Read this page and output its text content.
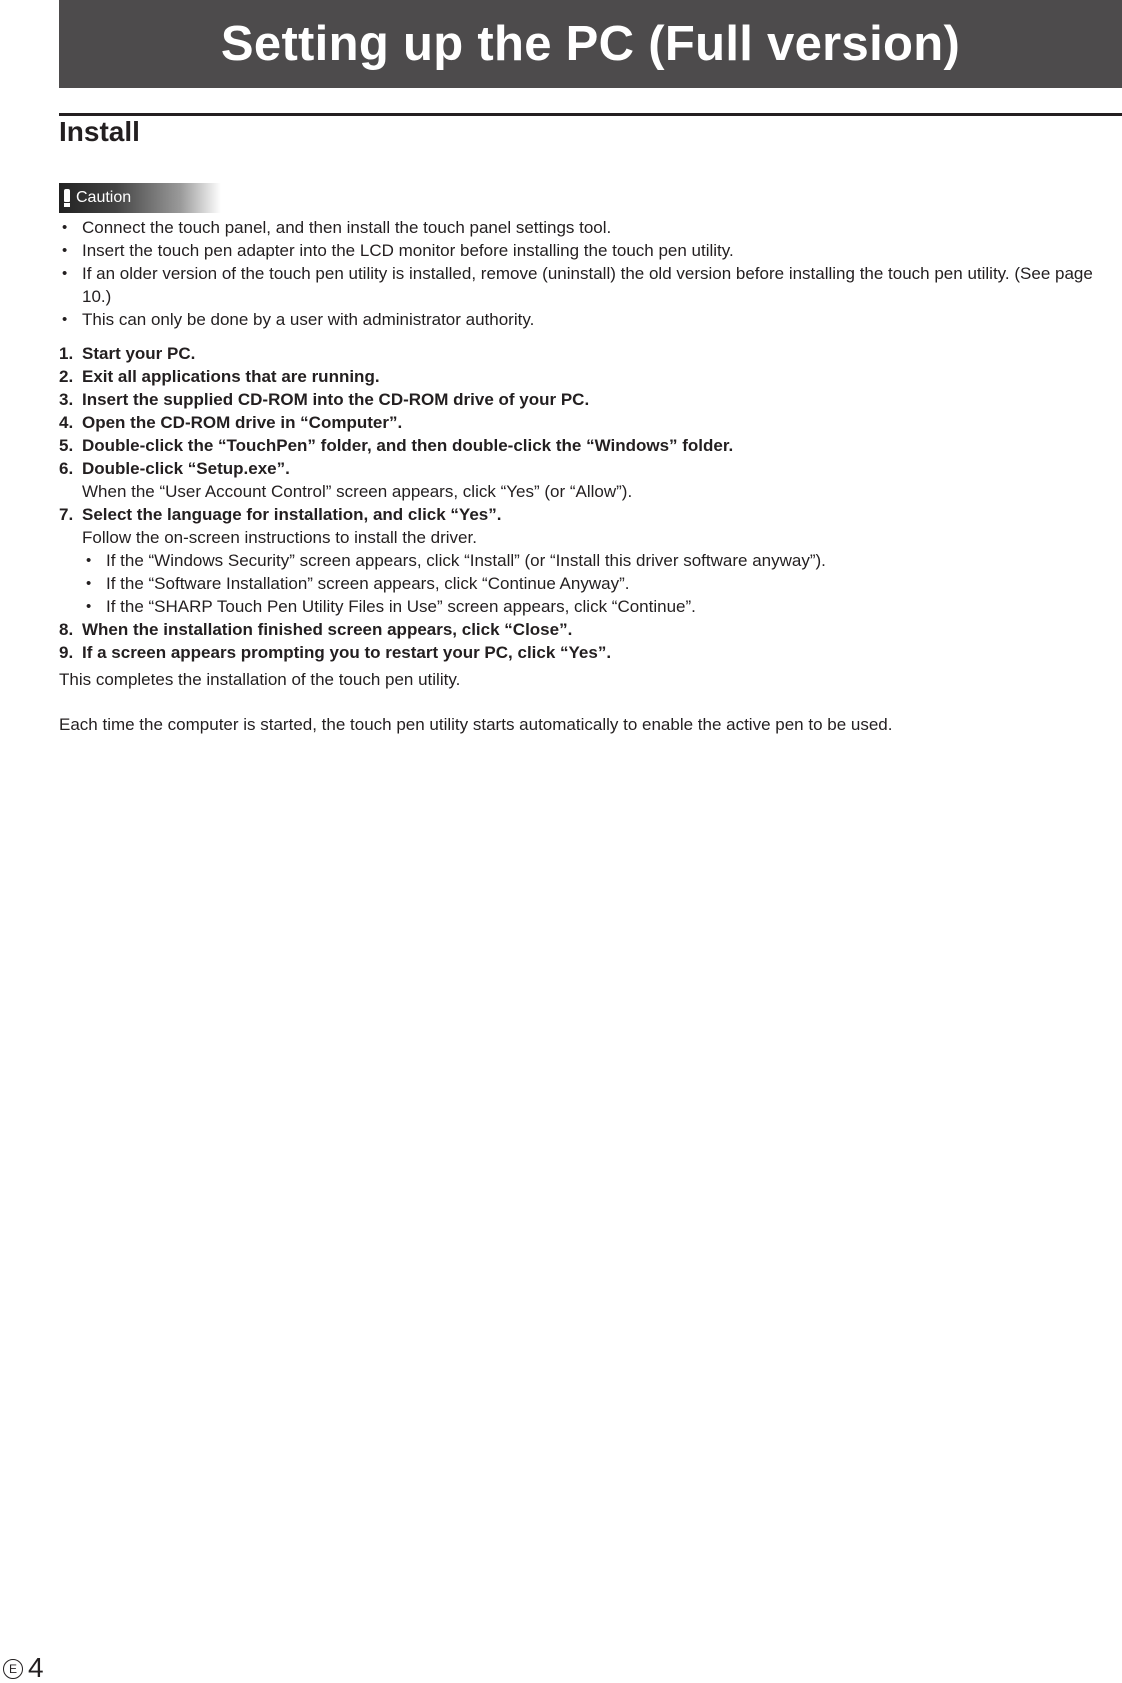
Setting up the PC (Full version)
Install
Caution
• Connect the touch panel, and then install the touch panel settings tool.
• Insert the touch pen adapter into the LCD monitor before installing the touch pen utility.
• If an older version of the touch pen utility is installed, remove (uninstall) the old version before installing the touch pen utility. (See page 10.)
• This can only be done by a user with administrator authority.
1. Start your PC.
2. Exit all applications that are running.
3. Insert the supplied CD-ROM into the CD-ROM drive of your PC.
4. Open the CD-ROM drive in “Computer”.
5. Double-click the “TouchPen” folder, and then double-click the “Windows” folder.
6. Double-click “Setup.exe”.
When the “User Account Control” screen appears, click “Yes” (or “Allow”).
7. Select the language for installation, and click “Yes”.
Follow the on-screen instructions to install the driver.
• If the “Windows Security” screen appears, click “Install” (or “Install this driver software anyway”).
• If the “Software Installation” screen appears, click “Continue Anyway”.
• If the “SHARP Touch Pen Utility Files in Use” screen appears, click “Continue”.
8. When the installation finished screen appears, click “Close”.
9. If a screen appears prompting you to restart your PC, click “Yes”.

This completes the installation of the touch pen utility.

Each time the computer is started, the touch pen utility starts automatically to enable the active pen to be used.

E 4
